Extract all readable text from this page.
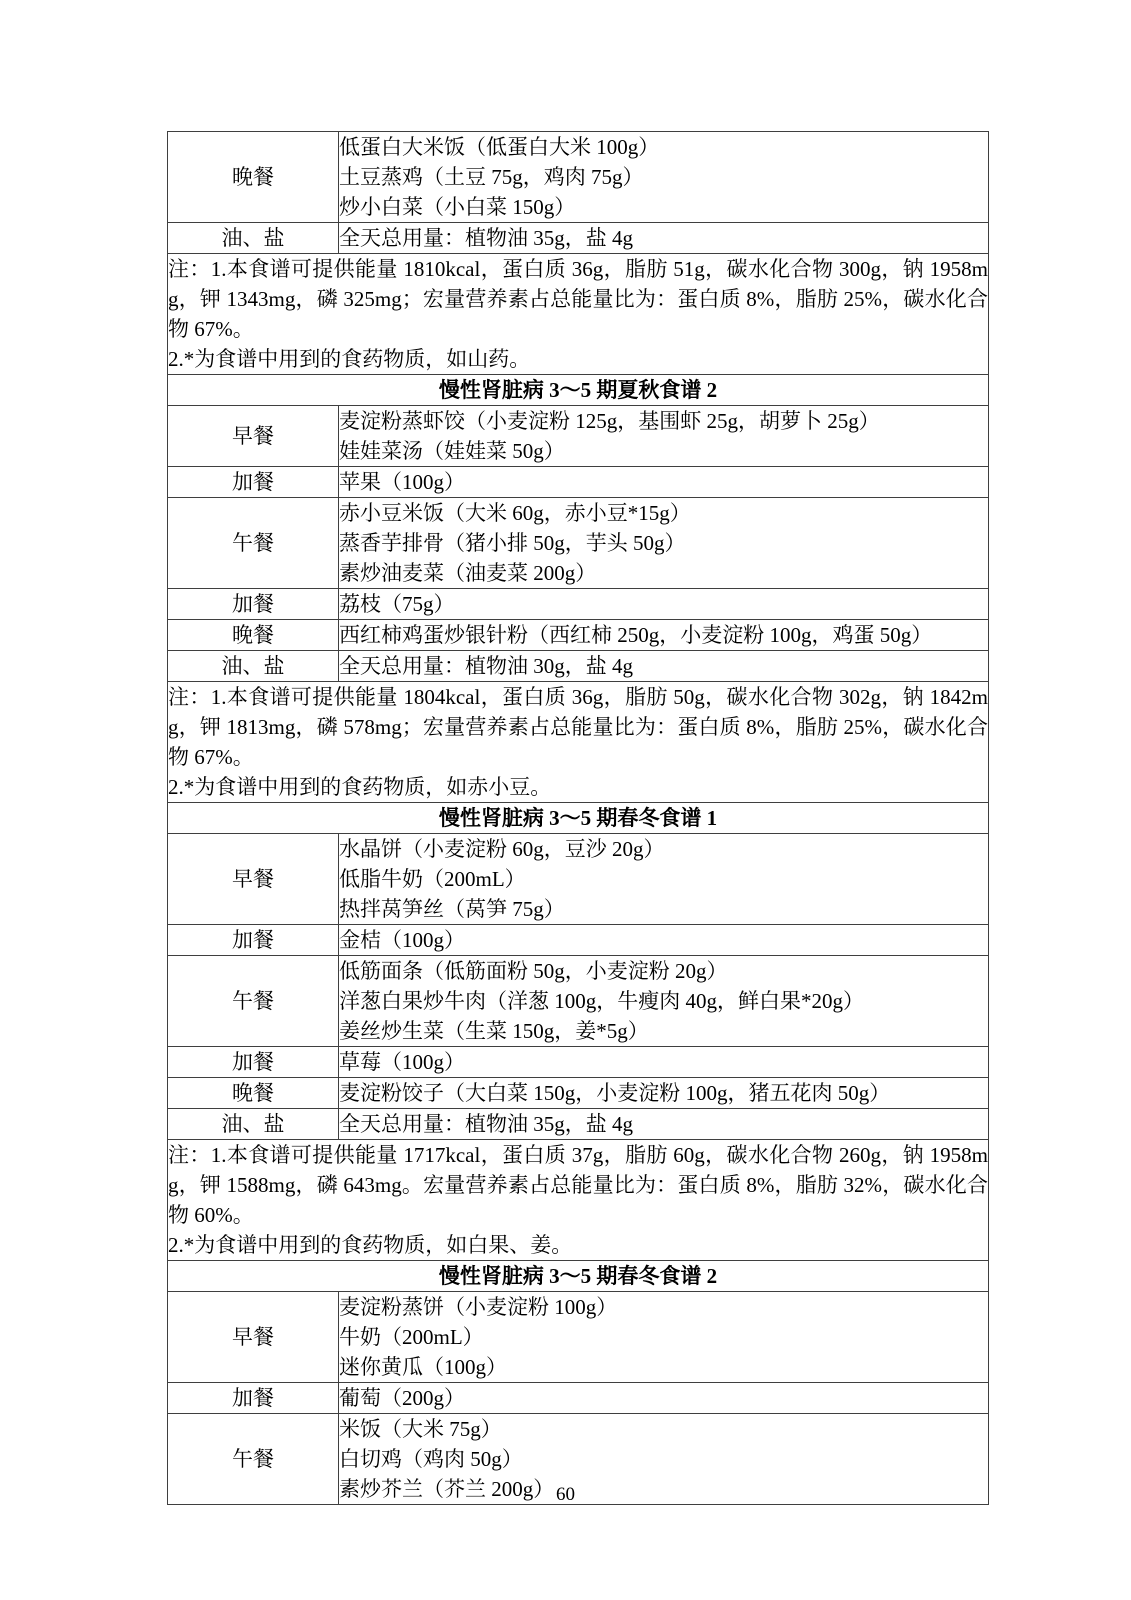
晚餐	低蛋白大米饭（低蛋白大米 100g）
土豆蒸鸡（土豆 75g，鸡肉 75g）
炒小白菜（小白菜 150g）

油、盐	全天总用量：植物油 35g，盐 4g

注：1.本食谱可提供能量 1810kcal，蛋白质 36g，脂肪 51g，碳水化合物 300g，钠 1958mg，钾 1343mg，磷 325mg；宏量营养素占总能量比为：蛋白质 8%，脂肪 25%，碳水化合物 67%。

2.*为食谱中用到的食药物质，如山药。	

慢性肾脏病 3～5 期夏秋食谱 2	
早餐	麦淀粉蒸虾饺（小麦淀粉 125g，基围虾 25g，胡萝卜 25g）
娃娃菜汤（娃娃菜 50g）

加餐	苹果（100g）

午餐	赤小豆米饭（大米 60g，赤小豆*15g）
蒸香芋排骨（猪小排 50g，芋头 50g）
素炒油麦菜（油麦菜 200g）

加餐	荔枝（75g）

晚餐	西红柿鸡蛋炒银针粉（西红柿 250g，小麦淀粉 100g，鸡蛋 50g）

油、盐	全天总用量：植物油 30g，盐 4g

注：1.本食谱可提供能量 1804kcal，蛋白质 36g，脂肪 50g，碳水化合物 302g，钠 1842mg，钾 1813mg，磷 578mg；宏量营养素占总能量比为：蛋白质 8%，脂肪 25%，碳水化合物 67%。

2.*为食谱中用到的食药物质，如赤小豆。	

慢性肾脏病 3～5 期春冬食谱 1	
早餐	水晶饼（小麦淀粉 60g，豆沙 20g）
低脂牛奶（200mL）
热拌莴笋丝（莴笋 75g）

加餐	金桔（100g）

午餐	低筋面条（低筋面粉 50g，小麦淀粉 20g）
洋葱白果炒牛肉（洋葱 100g，牛瘦肉 40g，鲜白果*20g）
姜丝炒生菜（生菜 150g，姜*5g）

加餐	草莓（100g）

晚餐	麦淀粉饺子（大白菜 150g，小麦淀粉 100g，猪五花肉 50g）

油、盐	全天总用量：植物油 35g，盐 4g

注：1.本食谱可提供能量 1717kcal，蛋白质 37g，脂肪 60g，碳水化合物 260g，钠 1958mg，钾 1588mg，磷 643mg。宏量营养素占总能量比为：蛋白质 8%，脂肪 32%，碳水化合物 60%。

2.*为食谱中用到的食药物质，如白果、姜。	

慢性肾脏病 3～5 期春冬食谱 2	
早餐	麦淀粉蒸饼（小麦淀粉 100g）
牛奶（200mL）
迷你黄瓜（100g）

加餐	葡萄（200g）

午餐	米饭（大米 75g）
白切鸡（鸡肉 50g）
素炒芥兰（芥兰 200g） 60
